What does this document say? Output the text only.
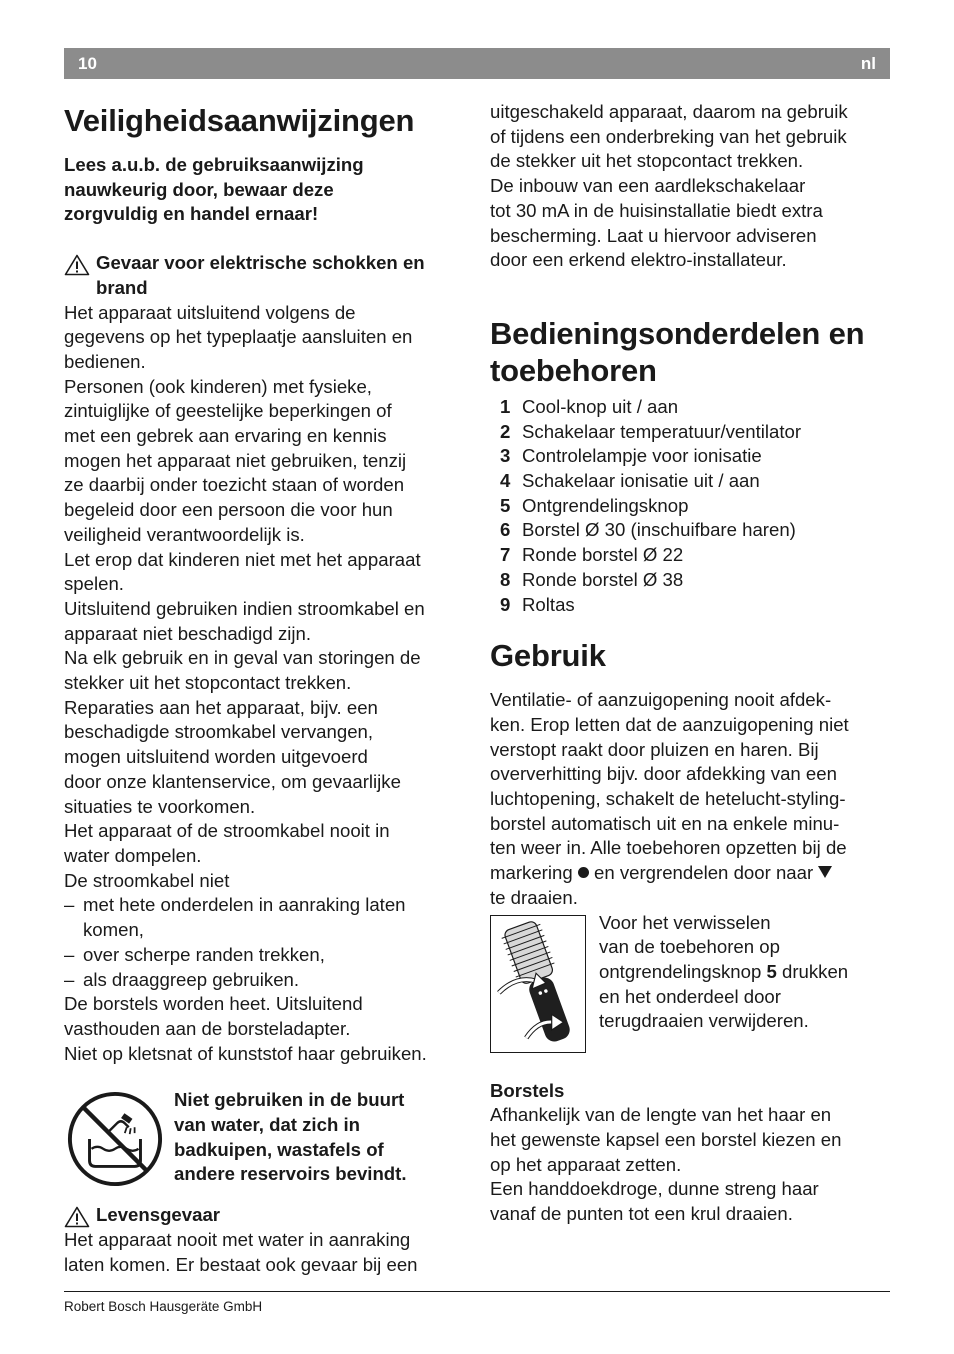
10	nl
Veiligheidsaanwijzingen

Lees a.u.b. de gebruiksaanwijzing

nauwkeurig door, bewaar deze

zorgvuldig en handel ernaar!

Gevaar voor elektrische schokken en

brand

Het apparaat uitsluitend volgens de

gegevens op het typeplaatje aansluiten en

bedienen.

Personen (ook kinderen) met fysieke,

zintuiglijke of geestelijke beperkingen of

met een gebrek aan ervaring en kennis

mogen het apparaat niet gebruiken, tenzij

ze daarbij onder toezicht staan of worden

begeleid door een persoon die voor hun

veiligheid verantwoordelijk is.

Let erop dat kinderen niet met het apparaat

spelen.

Uitsluitend gebruiken indien stroomkabel en

apparaat niet beschadigd zijn.

Na elk gebruik en in geval van storingen de

stekker uit het stopcontact trekken.

Reparaties aan het apparaat, bijv. een

beschadigde stroomkabel vervangen,

mogen uitsluitend worden uitgevoerd

door onze klantenservice, om gevaarlijke

situaties te voorkomen.

Het apparaat of de stroomkabel nooit in

water dompelen.

De stroomkabel niet

– met hete onderdelen in aanraking laten

komen,

– over scherpe randen trekken,

– als draaggreep gebruiken.

De borstels worden heet. Uitsluitend

vasthouden aan de borsteladapter.

Niet op kletsnat of kunststof haar gebruiken.

Niet gebruiken in de buurt

van water, dat zich in

badkuipen, wastafels of

andere reservoirs bevindt.

Levensgevaar

Het apparaat nooit met water in aanraking

laten komen. Er bestaat ook gevaar bij een

uitgeschakeld apparaat, daarom na gebruik

of tijdens een onderbreking van het gebruik

de stekker uit het stopcontact trekken.

De inbouw van een aardlekschakelaar

tot 30 mA in de huisinstallatie biedt extra

bescherming. Laat u hiervoor adviseren

door een erkend elektro-installateur.

Bedieningsonderdelen en
toebehoren
1 Cool-knop uit / aan
2 Schakelaar temperatuur/ventilator
3 Controlelampje voor ionisatie
4 Schakelaar ionisatie uit / aan
5 Ontgrendelingsknop
6 Borstel Ø 30 (inschuifbare haren)
7 Ronde borstel Ø 22
8 Ronde borstel Ø 38
9 Roltas
Gebruik

Ventilatie- of aanzuigopening nooit afdek-

ken. Erop letten dat de aanzuigopening niet

verstopt raakt door pluizen en haren. Bij

oververhitting bijv. door afdekking van een

luchtopening, schakelt de hetelucht-styling-

borstel automatisch uit en na enkele minu-

ten weer in. Alle toebehoren opzetten bij de

markering  en vergrendelen door naar

te draaien.

Voor het verwisselen

van de toebehoren op

ontgrendelingsknop 5 drukken

en het onderdeel door

terugdraaien verwijderen.

Borstels

Afhankelijk van de lengte van het haar en

het gewenste kapsel een borstel kiezen en

op het apparaat zetten.

Een handdoekdroge, dunne streng haar

vanaf de punten tot een krul draaien.

Robert Bosch Hausgeräte GmbH
